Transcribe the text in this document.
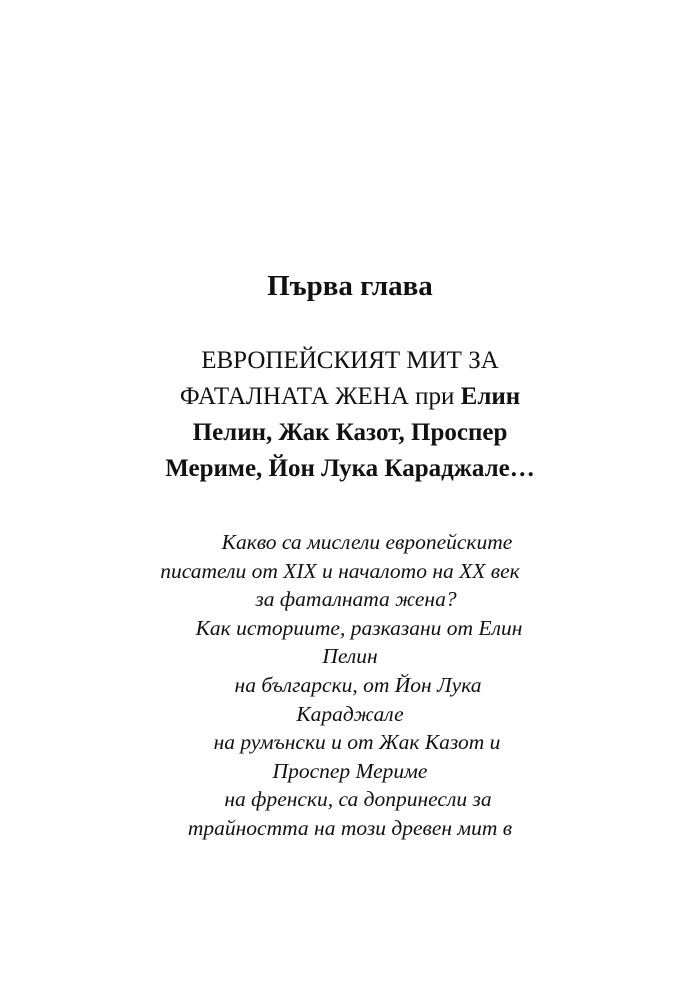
Първа глава
ЕВРОПЕЙСКИЯТ МИТ ЗА
ФАТАЛНАТА ЖЕНА при Елин
Пелин, Жак Казот, Проспер
Мериме, Йон Лука Караджале…
Какво са мислели европейските
писатели от XIX и началото на XX век
за фаталната жена?
Как историите, разказани от Елин
Пелин
на български, от Йон Лука
Караджале
на румънски и от Жак Казот и
Проспер Мериме
на френски, са допринесли за
трайността на този древен мит в
